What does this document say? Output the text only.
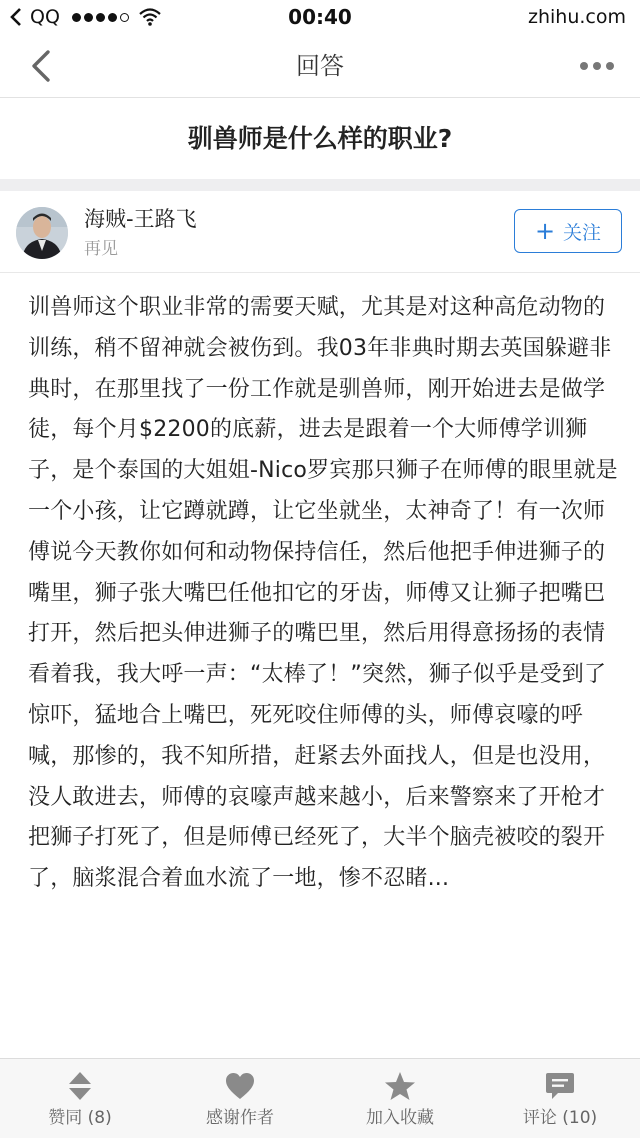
QQ	00:40	zhihu.com
回答
驯兽师是什么样的职业?
海贼-王路飞
再见
+ 关注
训兽师这个职业非常的需要天赋，尤其是对这种高危动物的训练，稍不留神就会被伤到。我03年非典时期去英国躲避非典时，在那里找了一份工作就是驯兽师，刚开始进去是做学徒，每个月$2200的底薪，进去是跟着一个大师傅学训狮子，是个泰国的大姐姐-Nico罗宾那只狮子在师傅的眼里就是一个小孩，让它蹲就蹲，让它坐就坐，太神奇了！有一次师傅说今天教你如何和动物保持信任，然后他把手伸进狮子的嘴里，狮子张大嘴巴任他扣它的牙齿，师傅又让狮子把嘴巴打开，然后把头伸进狮子的嘴巴里，然后用得意扬扬的表情看着我，我大呼一声：“太棒了！”突然，狮子似乎是受到了惊吓，猛地合上嘴巴，死死咬住师傅的头，师傅哀嚎的呼喊，那惨的，我不知所措，赶紧去外面找人，但是也没用，没人敢进去，师傅的哀嚎声越来越小，后来警察来了开枪才把狮子打死了，但是师傅已经死了，大半个脑壳被咬的裂开了，脑浆混合着血水流了一地，惨不忍睹...
赞同 (8)	感谢作者	加入收藏	评论 (10)
